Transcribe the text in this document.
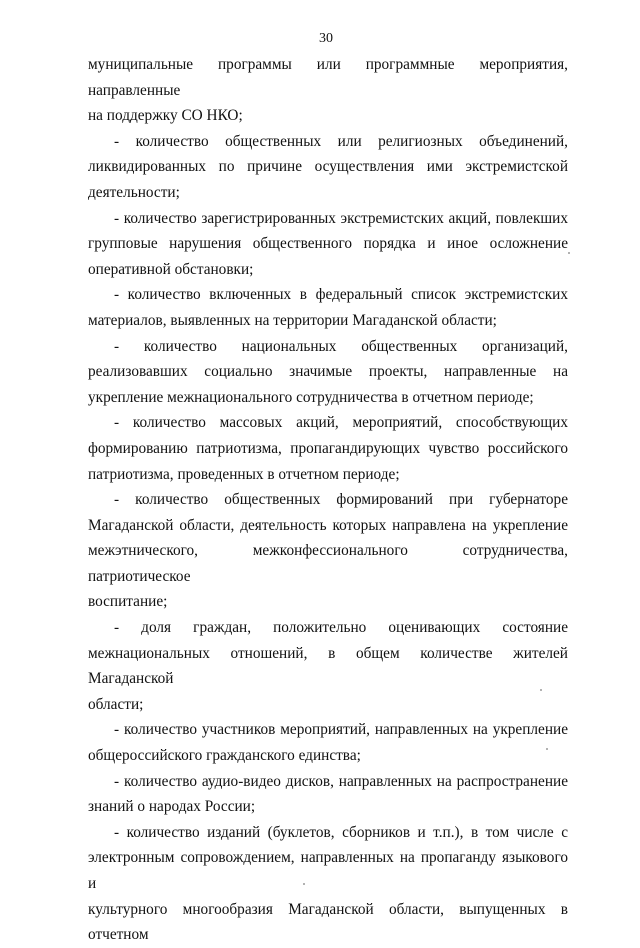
30

муниципальные программы или программные мероприятия, направленные
на поддержку СО НКО;

- количество общественных или религиозных объединений,
ликвидированных по причине осуществления ими экстремистской
деятельности;

- количество зарегистрированных экстремистских акций, повлекших
групповые нарушения общественного порядка и иное осложнение
оперативной обстановки;

- количество включенных в федеральный список экстремистских
материалов, выявленных на территории Магаданской области;

- количество национальных общественных организаций,
реализовавших социально значимые проекты, направленные на
укрепление межнационального сотрудничества в отчетном периоде;

- количество массовых акций, мероприятий, способствующих
формированию патриотизма, пропагандирующих чувство российского
патриотизма, проведенных в отчетном периоде;

- количество общественных формирований при губернаторе
Магаданской области, деятельность которых направлена на укрепление
межэтнического, межконфессионального сотрудничества, патриотическое
воспитание;

- доля граждан, положительно оценивающих состояние
межнациональных отношений, в общем количестве жителей Магаданской
области;

- количество участников мероприятий, направленных на укрепление
общероссийского гражданского единства;

- количество аудио-видео дисков, направленных на распространение
знаний о народах России;

- количество изданий (буклетов, сборников и т.п.), в том числе с
электронным сопровождением, направленных на пропаганду языкового и
культурного многообразия Магаданской области, выпущенных в отчетном
